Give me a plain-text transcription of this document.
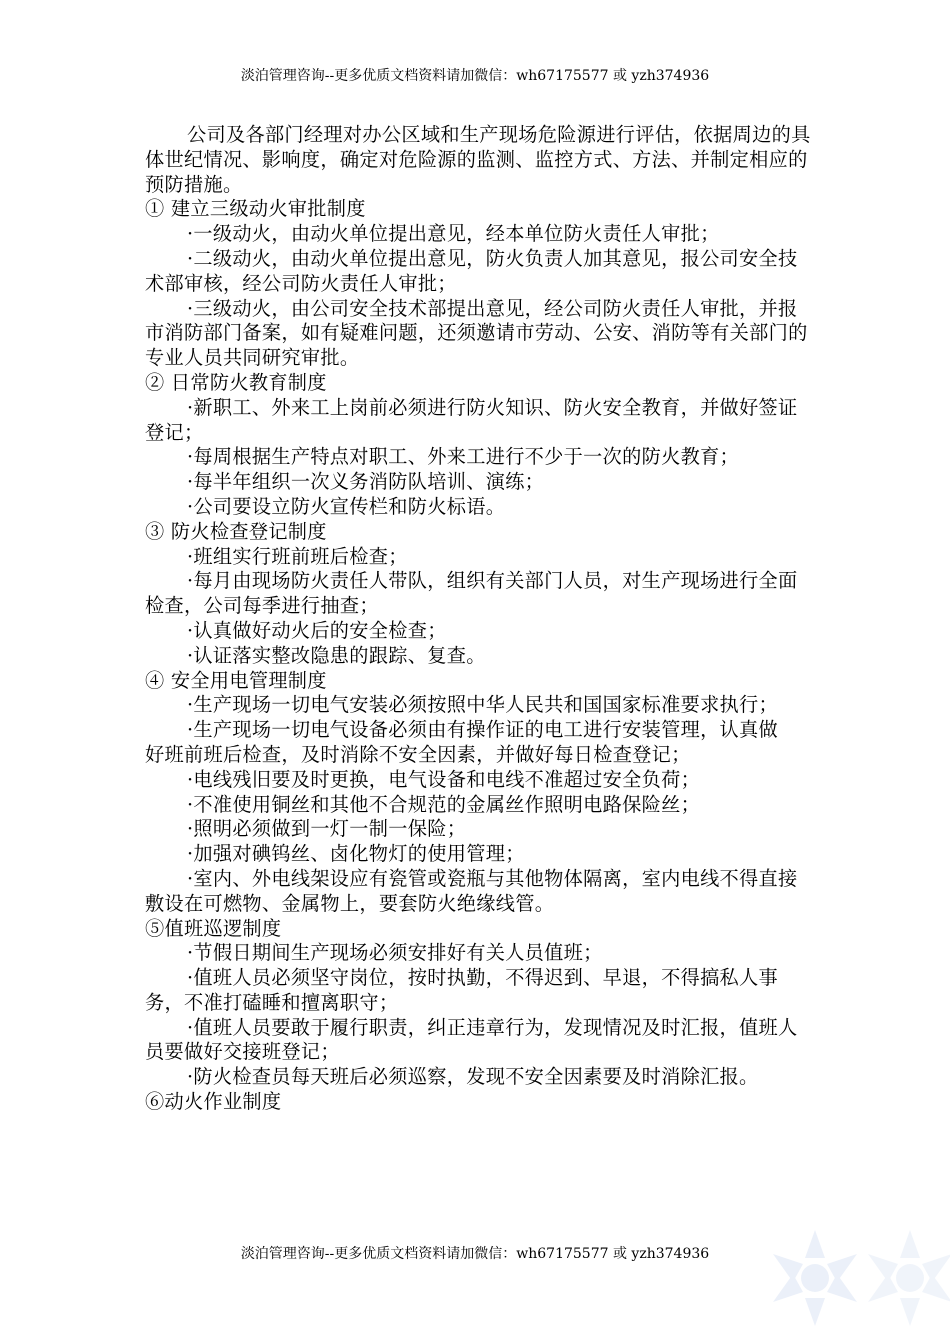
淡泊管理咨询--更多优质文档资料请加微信：wh67175577 或 yzh374936

公司及各部门经理对办公区域和生产现场危险源进行评估，依据周边的具体世纪情况、影响度，确定对危险源的监测、监控方式、方法、并制定相应的预防措施。

① 建立三级动火审批制度

·一级动火，由动火单位提出意见，经本单位防火责任人审批；

·二级动火，由动火单位提出意见，防火负责人加其意见，报公司安全技术部审核，经公司防火责任人审批；

·三级动火，由公司安全技术部提出意见，经公司防火责任人审批，并报市消防部门备案，如有疑难问题，还须邀请市劳动、公安、消防等有关部门的专业人员共同研究审批。

② 日常防火教育制度

·新职工、外来工上岗前必须进行防火知识、防火安全教育，并做好签证登记；

·每周根据生产特点对职工、外来工进行不少于一次的防火教育；

·每半年组织一次义务消防队培训、演练；

·公司要设立防火宣传栏和防火标语。

③ 防火检查登记制度

·班组实行班前班后检查；

·每月由现场防火责任人带队，组织有关部门人员，对生产现场进行全面检查，公司每季进行抽查；

·认真做好动火后的安全检查；

·认证落实整改隐患的跟踪、复查。

④ 安全用电管理制度

·生产现场一切电气安装必须按照中华人民共和国国家标准要求执行；

·生产现场一切电气设备必须由有操作证的电工进行安装管理，认真做

好班前班后检查，及时消除不安全因素，并做好每日检查登记；

·电线残旧要及时更换，电气设备和电线不准超过安全负荷；

·不准使用铜丝和其他不合规范的金属丝作照明电路保险丝；

·照明必须做到一灯一制一保险；

·加强对碘钨丝、卤化物灯的使用管理；

·室内、外电线架设应有瓷管或瓷瓶与其他物体隔离，室内电线不得直接敷设在可燃物、金属物上，要套防火绝缘线管。

⑤值班巡逻制度

·节假日期间生产现场必须安排好有关人员值班；

·值班人员必须坚守岗位，按时执勤，不得迟到、早退，不得搞私人事务，不准打磕睡和擅离职守；

·值班人员要敢于履行职责，纠正违章行为，发现情况及时汇报，值班人员要做好交接班登记；

·防火检查员每天班后必须巡察，发现不安全因素要及时消除汇报。

⑥动火作业制度

淡泊管理咨询--更多优质文档资料请加微信：wh67175577 或 yzh374936
